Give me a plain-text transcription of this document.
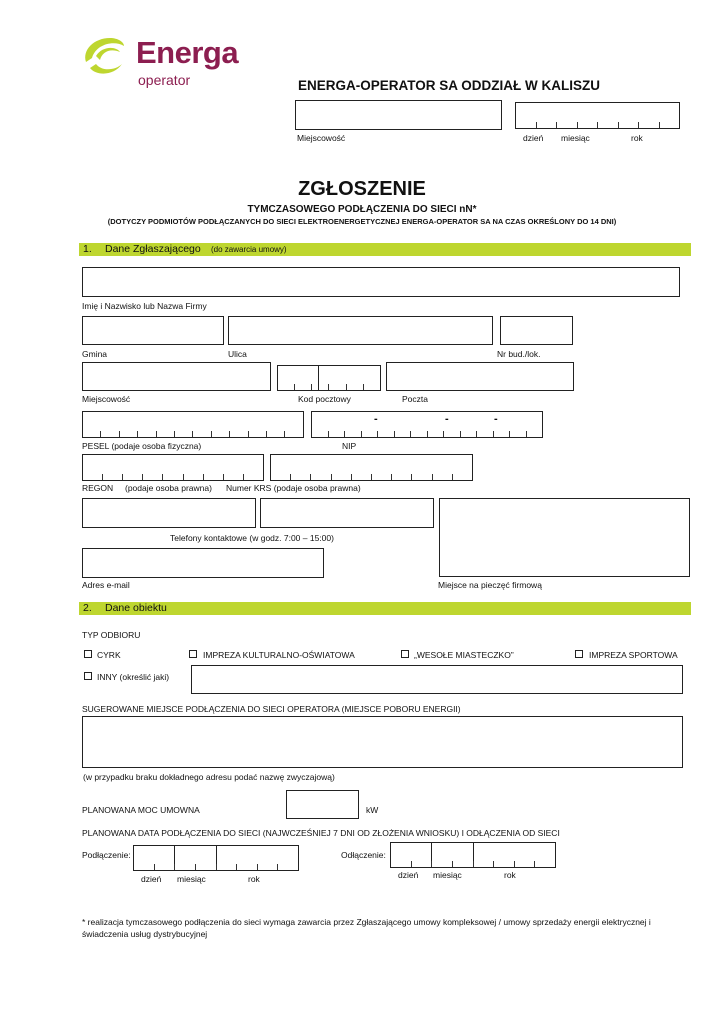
Energa
operator	ENERGA-OPERATOR SA ODDZIAŁ W KALISZU
Miejscowość	dzień miesiąc	rok
ZGŁOSZENIE
TYMCZASOWEGO PODŁĄCZENIA DO SIECI nN*
(DOTYCZY PODMIOTÓW PODŁĄCZANYCH DO SIECI ELEKTROENERGETYCZNEJ ENERGA-OPERATOR SA NA CZAS OKREŚLONY DO 14 DNI)
1. Dane Zgłaszającego (do zawarcia umowy)
Imię i Nazwisko lub Nazwa Firmy
Gmina	Ulica	Nr bud./lok.
Miejscowość	Kod pocztowy	Poczta
-	-	-
PESEL (podaje osoba fizyczna)	NIP
REGON (podaje osoba prawna) Numer KRS (podaje osoba prawna)
Telefony kontaktowe (w godz. 7:00 – 15:00)
Adres e-mail	Miejsce na pieczęć firmową
2. Dane obiektu
TYP ODBIORU
CYRK	IMPREZA KULTURALNO-OŚWIATOWA	„WESOŁE MIASTECZKO”	IMPREZA SPORTOWA
INNY (określić jaki)
SUGEROWANE MIEJSCE PODŁĄCZENIA DO SIECI OPERATORA (MIEJSCE POBORU ENERGII)
(w przypadku braku dokładnego adresu podać nazwę zwyczajową)
PLANOWANA MOC UMOWNA	kW
PLANOWANA DATA PODŁĄCZENIA DO SIECI (NAJWCZEŚNIEJ 7 DNI OD ZŁOŻENIA WNIOSKU) I ODŁĄCZENIA OD SIECI
Podłączenie:
dzień miesiąc	rok
Odłączenie:
dzień miesiąc	rok
* realizacja tymczasowego podłączenia do sieci wymaga zawarcia przez Zgłaszającego umowy kompleksowej / umowy sprzedaży energii elektrycznej i świadczenia usług dystrybucyjnej
